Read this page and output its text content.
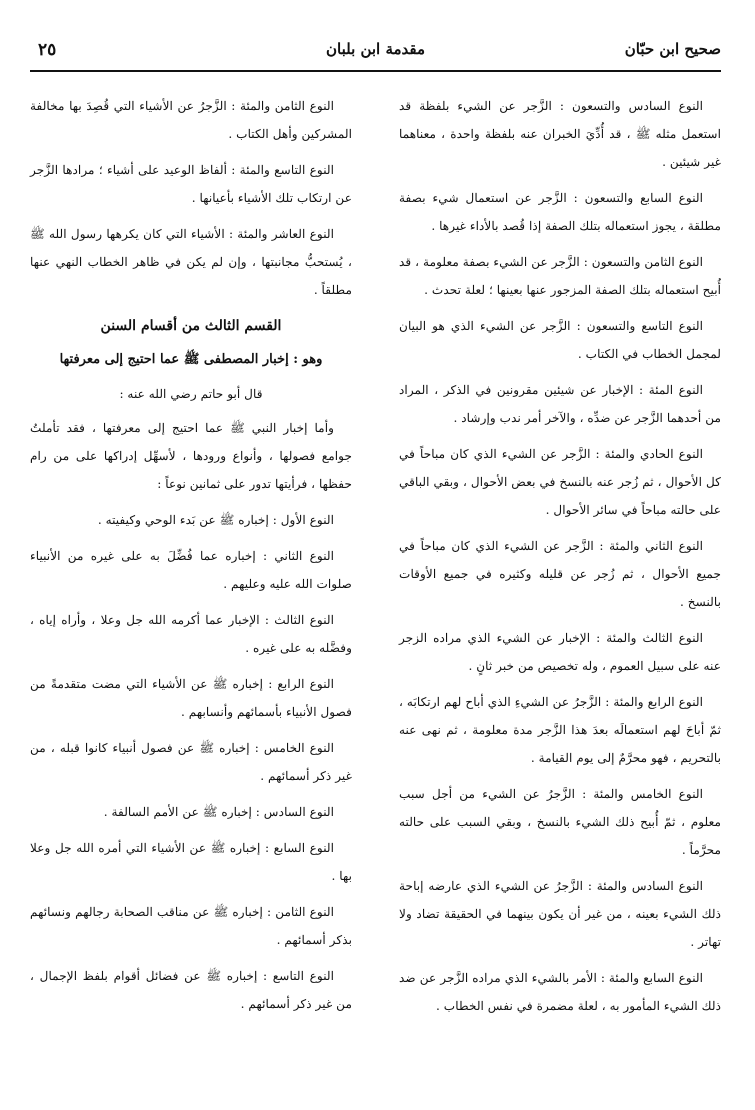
صحيح ابن حبّان
مقدمة ابن بلبان
٢٥

النوع السادس والتسعون : الزَّجر عن الشيء بلفظة قد استعمل مثله ﷺ ، قد أُدِّيَ الخبران عنه بلفظة واحدة ، معناهما غير شيئين .

النوع السابع والتسعون : الزَّجر عن استعمال شيء بصفة مطلقة ، يجوز استعماله بتلك الصفة إذا قُصد بالأداء غيرها .

النوع الثامن والتسعون : الزَّجر عن الشيء بصفة معلومة ، قد أُبيح استعماله بتلك الصفة المزجور عنها بعينها ؛ لعلة تحدث .

النوع التاسع والتسعون : الزَّجر عن الشيء الذي هو البيان لمجمل الخطاب في الكتاب .

النوع المئة : الإخبار عن شيئين مقرونين في الذكر ، المراد من أحدهما الزَّجر عن ضدِّه ، والآخر أمر ندب وإرشاد .

النوع الحادي والمئة : الزَّجر عن الشيء الذي كان مباحاً في كل الأحوال ، ثم زُجر عنه بالنسخ في بعض الأحوال ، وبقي الباقي على حالته مباحاً في سائر الأحوال .

النوع الثاني والمئة : الزَّجر عن الشيء الذي كان مباحاً في جميع الأحوال ، ثم زُجر عن قليله وكثيره في جميع الأوقات بالنسخ .

النوع الثالث والمئة : الإخبار عن الشيء الذي مراده الزجر عنه على سبيل العموم ، وله تخصيص من خبر ثانٍ .

النوع الرابع والمئة : الزَّجرُ عن الشيءِ الذي أباح لهم ارتكابَه ، ثمّ أباحَ لهم استعمالَه بعدَ هذا الزَّجر مدة معلومة ، ثم نهى عنه بالتحريم ، فهو محرَّمٌ إلى يوم القيامة .

النوع الخامس والمئة : الزَّجرُ عن الشيء من أجل سبب معلوم ، ثمّ أُبيح ذلك الشيء بالنسخ ، وبقي السبب على حالته محرَّماً .

النوع السادس والمئة : الزَّجرُ عن الشيء الذي عارضه إباحة ذلك الشيء بعينه ، من غير أن يكون بينهما في الحقيقة تضاد ولا تهاتر .

النوع السابع والمئة : الأمر بالشيء الذي مراده الزَّجر عن ضد ذلك الشيء المأمور به ، لعلة مضمرة في نفس الخطاب .

النوع الثامن والمئة : الزَّجرُ عن الأشياء التي قُصِدَ بها مخالفة المشركين وأهل الكتاب .

النوع التاسع والمئة : ألفاظ الوعيد على أشياء ؛ مرادها الزَّجر عن ارتكاب تلك الأشياء بأعيانها .

النوع العاشر والمئة : الأشياء التي كان يكرهها رسول الله ﷺ ، يُستحبُّ مجانبتها ، وإن لم يكن في ظاهر الخطاب النهي عنها مطلقاً .

القسم الثالث من أقسام السنن
وهو : إخبار المصطفى ﷺ عما احتيج إلى معرفتها
قال أبو حاتم رضي الله عنه :

وأما إخبار النبي ﷺ عما احتيج إلى معرفتها ، فقد تأملتُ جوامع فصولها ، وأنواع ورودها ، لأسهِّل إدراكها على من رام حفظها ، فرأيتها تدور على ثمانين نوعاً :

النوع الأول : إخباره ﷺ عن بَدء الوحي وكيفيته .

النوع الثاني : إخباره عما فُضِّلَ به على غيره من الأنبياء صلوات الله عليه وعليهم .

النوع الثالث : الإخبار عما أكرمه الله جل وعلا ، وأراه إياه ، وفضَّله به على غيره .

النوع الرابع : إخباره ﷺ عن الأشياء التي مضت متقدمةً من فصول الأنبياء بأسمائهم وأنسابهم .

النوع الخامس : إخباره ﷺ عن فصول أنبياء كانوا قبله ، من غير ذكر أسمائهم .

النوع السادس : إخباره ﷺ عن الأمم السالفة .

النوع السابع : إخباره ﷺ عن الأشياء التي أمره الله جل وعلا بها .

النوع الثامن : إخباره ﷺ عن مناقب الصحابة رجالهم ونسائهم بذكر أسمائهم .

النوع التاسع : إخباره ﷺ عن فضائل أقوام بلفظ الإجمال ، من غير ذكر أسمائهم .
